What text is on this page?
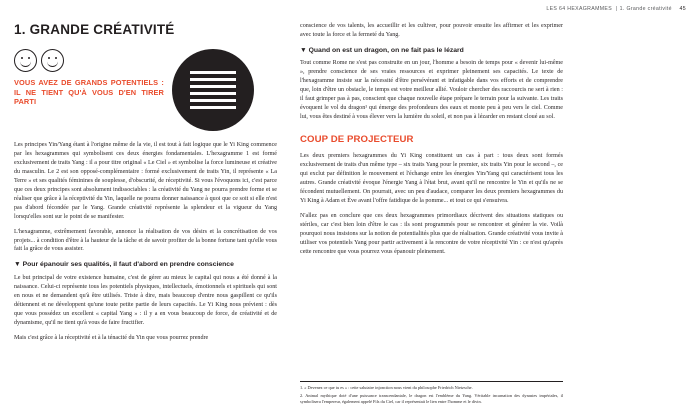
LES 64 HEXAGRAMMES  |  1. Grande créativité 45
1. GRANDE CRÉATIVITÉ
VOUS AVEZ DE GRANDS POTENTIELS : IL NE TIENT QU'À VOUS D'EN TIRER PARTI

Les principes Yin/Yang étant à l'origine même de la vie, il est tout à fait logique que le Yi King commence par les hexagrammes qui symbolisent ces deux énergies fondamentales. L'hexagramme 1 est formé exclusivement de traits Yang : il a pour titre original « Le Ciel » et symbolise la force lumineuse et créative du masculin. Le 2 est son opposé-complémentaire : formé exclusivement de traits Yin, il représente « La Terre » et ses qualités féminines de souplesse, d'obscurité, de réceptivité. Si vous l'évoquons ici, c'est parce que ces deux principes sont absolument indissociables : la créativité du Yang ne pourra prendre forme et se réaliser que grâce à la réceptivité du Yin, laquelle ne pourra donner naissance à quoi que ce soit si elle n'est pas d'abord fécondée par le Yang. Grande créativité représente la splendeur et la vigueur du Yang lorsqu'elles sont sur le point de se manifester.

L'hexagramme, extrêmement favorable, annonce la réalisation de vos désirs et la concrétisation de vos projets... à condition d'être à la hauteur de la tâche et de savoir profiter de la bonne fortune tant qu'elle vous fait la grâce de vous assister.

▼ Pour épanouir ses qualités, il faut d'abord en prendre conscience

Le but principal de votre existence humaine, c'est de gérer au mieux le capital qui nous a été donné à la naissance. Celui-ci représente tous les potentiels physiques, intellectuels, émotionnels et spirituels qui sont en nous et ne demandent qu'à être utilisés. Triste à dire, mais beaucoup d'entre nous gaspillent ce qu'ils détiennent et ne développent qu'une toute petite partie de leurs capacités. Le Yi King nous prévient : dès que vous possédez un excellent « capital Yang » : il y a en vous beaucoup de force, de créativité et de dynamisme, qu'il ne tient qu'à vous de faire fructifier.

Mais c'est grâce à la réceptivité et à la ténacité du Yin que vous pourrez prendre

conscience de vos talents, les accueillir et les cultiver, pour pouvoir ensuite les affirmer et les exprimer avec toute la force et la fermeté du Yang.

▼ Quand on est un dragon, on ne fait pas le lézard

Tout comme Rome ne s'est pas construite en un jour, l'homme a besoin de temps pour « devenir lui-même », prendre conscience de ses vraies ressources et exprimer pleinement ses capacités. Le texte de l'hexagramme insiste sur la nécessité d'être persévérant et infatigable dans vos efforts et de comprendre que, loin d'être un obstacle, le temps est votre meilleur allié. Vouloir chercher des raccourcis ne sert à rien : il faut grimper pas à pas, conscient que chaque nouvelle étape prépare le terrain pour la suivante. Les traits évoquent le vol du dragon¹ qui émerge des profondeurs des eaux et monte peu à peu vers le ciel. Comme lui, vous êtes destiné à vous élever vers la lumière du soleil, et non pas à lézarder en restant cloué au sol.

COUP DE PROJECTEUR

Les deux premiers hexagrammes du Yi King constituent un cas à part : tous deux sont formés exclusivement de traits d'un même type – six traits Yang pour le premier, six traits Yin pour le second –, ce qui exclut par définition le mouvement et l'échange entre les énergies Yin/Yang qui caractérisent tous les autres. Grande créativité évoque l'énergie Yang à l'état brut, avant qu'il ne rencontre le Yin et qu'ils ne se fécondent mutuellement. On pourrait, avec un peu d'audace, comparer les deux premiers hexagrammes du Yi King à Adam et Ève avant l'offre fatidique de la pomme... et tout ce qui s'ensuivra.

N'allez pas en conclure que ces deux hexagrammes primordiaux décrivent des situations statiques ou stériles, car c'est bien loin d'être le cas : ils sont programmés pour se rencontrer et générer la vie. Voilà pourquoi nous insistons sur la notion de potentialités plus que de réalisation. Grande créativité vous invite à utiliser vos potentiels Yang pour partir activement à la rencontre de votre réceptivité Yin : ce n'est qu'après cette rencontre que vous pourrez vous épanouir pleinement.

1. « Devenez ce que tu es » : cette salutaire injonction nous vient du philosophe Friedrich Nietzsche.

2. Animal mythique doté d'une puissance transcendantale, le dragon est l'emblème du Yang. Véritable incarnation des dynastes impériales, il symbolisera l'empereur, également appelé Fils du Ciel, car il représentait le lien entre l'homme et le divin.
